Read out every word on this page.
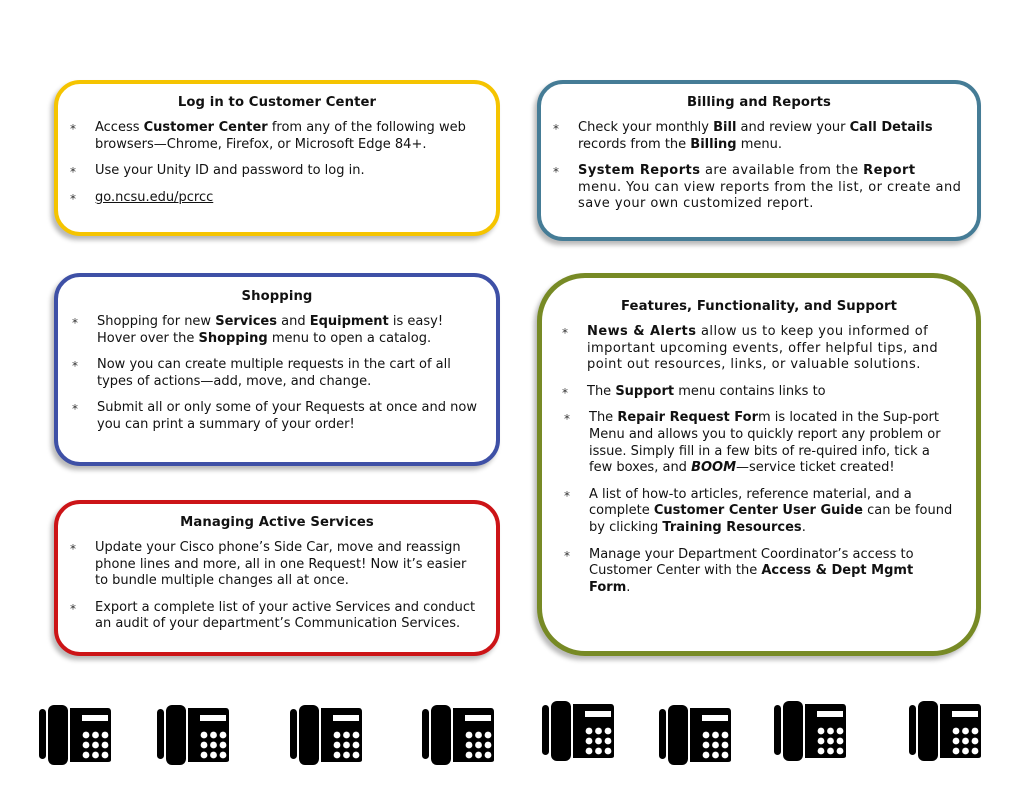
Log in to Customer Center
* Access Customer Center from any of the following web browsers—Chrome, Firefox, or Microsoft Edge 84+.
* Use your Unity ID and password to log in.
* go.ncsu.edu/pcrcc
Billing and Reports
* Check your monthly Bill and review your Call Details records from the Billing menu.
* System Reports are available from the Report menu. You can view reports from the list, or create and save your own customized report.
Shopping
* Shopping for new Services and Equipment is easy! Hover over the Shopping menu to open a catalog.
* Now you can create multiple requests in the cart of all types of actions—add, move, and change.
* Submit all or only some of your Requests at once and now you can print a summary of your order!
Managing Active Services
* Update your Cisco phone’s Side Car, move and reassign phone lines and more, all in one Request! Now it’s easier to bundle multiple changes all at once.
* Export a complete list of your active Services and conduct an audit of your department’s Communication Services.
Features, Functionality, and Support
* News & Alerts allow us to keep you informed of important upcoming events, offer helpful tips, and point out resources, links, or valuable solutions.
* The Support menu contains links to
* The Repair Request Form is located in the Sup-port Menu and allows you to quickly report any problem or issue. Simply fill in a few bits of re-quired info, tick a few boxes, and BOOM—service ticket created!
* A list of how-to articles, reference material, and a complete Customer Center User Guide can be found by clicking Training Resources.
* Manage your Department Coordinator’s access to Customer Center with the Access & Dept Mgmt Form.
